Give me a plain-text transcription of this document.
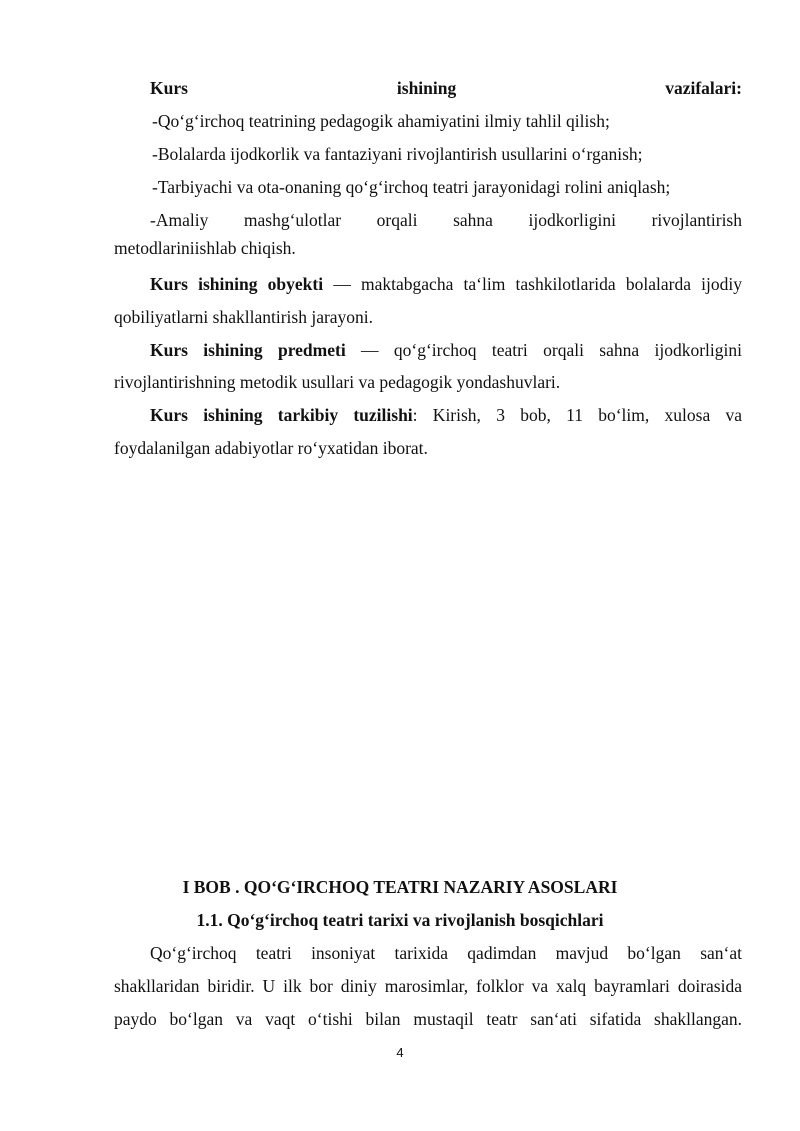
Kurs ishining vazifalari:
-Qo‘g‘irchoq teatrining pedagogik ahamiyatini ilmiy tahlil qilish;
-Bolalarda ijodkorlik va fantaziyani rivojlantirish usullarini o‘rganish;
-Tarbiyachi va ota-onaning qo‘g‘irchoq teatri jarayonidagi rolini aniqlash;
-Amaliy mashg‘ulotlar orqali sahna ijodkorligini rivojlantirish
metodlariniishlab chiqish.
Kurs ishining obyekti — maktabgacha ta‘lim tashkilotlarida bolalarda ijodiy
qobiliyatlarni shakllantirish jarayoni.
Kurs ishining predmeti — qo‘g‘irchoq teatri orqali sahna ijodkorligini
rivojlantirishning metodik usullari va pedagogik yondashuvlari.
Kurs ishining tarkibiy tuzilishi: Kirish, 3 bob, 11 bo‘lim, xulosa va
foydalanilgan adabiyotlar ro‘yxatidan iborat.
I BOB . QO‘G‘IRCHOQ TEATRI NAZARIY ASOSLARI
1.1. Qo‘g‘irchoq teatri tarixi va rivojlanish bosqichlari
Qo‘g‘irchoq teatri insoniyat tarixida qadimdan mavjud bo‘lgan san‘at
shakllaridan biridir. U ilk bor diniy marosimlar, folklor va xalq bayramlari doirasida
paydo bo‘lgan va vaqt o‘tishi bilan mustaqil teatr san‘ati sifatida shakllangan.
4
